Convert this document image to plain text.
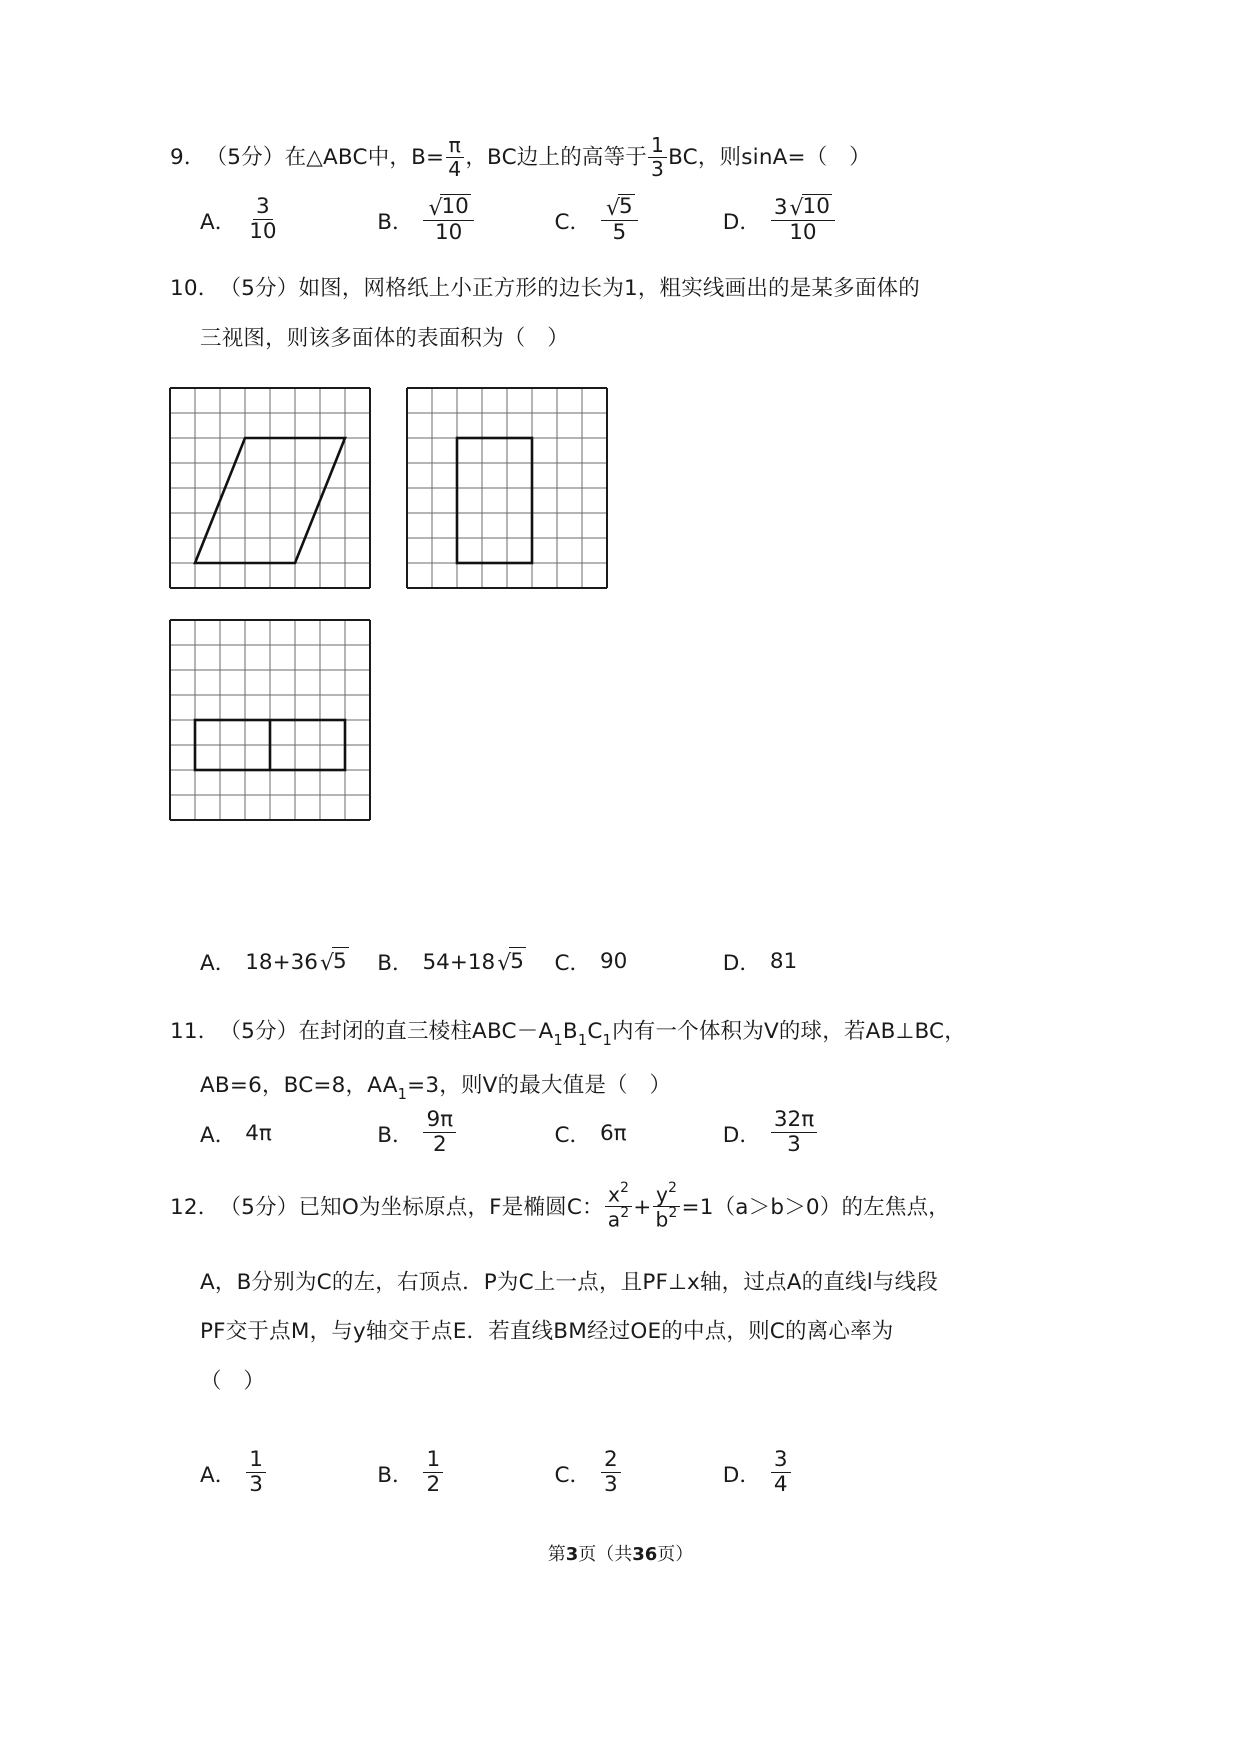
9．（5分）在△ABC中，$B= \frac{\pi}{4}$ ，BC边上的高等于 $\frac{1}{3}$ BC，则sinA=（　）
A． $\frac{3}{10}$	B． $\frac{√10}{10}$	C． $\frac{√5}{5}$	D． $\frac{3√10}{10}$
10．（5分）如图，网格纸上小正方形的边长为1，粗实线画出的是某多面体的
三视图，则该多面体的表面积为（　）
A． 18+36√5 B． 54+18√5 C． 90	D． 81
11．（5分）在封闭的直三棱柱$ABC-A_1B_1C_1$内有一个体积为V的球，若AB⊥BC，
AB=6，BC=8，$AA_1=3$，则V的最大值是（　）
A． 4π	B． $\frac{9\pi}{2}$	C． 6π	D． $\frac{32\pi}{3}$
12．（5分）已知O为坐标原点，F是椭圆C： $\frac{x^2}{a^2} + \frac{y^2}{b^2} =1(a>b>0)$的左焦点，
A，B分别为C的左，右顶点．P为C上一点，且PF⊥x轴，过点A的直线l与线段
PF交于点M，与y轴交于点E．若直线BM经过OE的中点，则C的离心率为
（　）
A． $\frac{1}{3}$	B． $\frac{1}{2}$	C． $\frac{2}{3}$	D． $\frac{3}{4}$
第3页（共36页）
